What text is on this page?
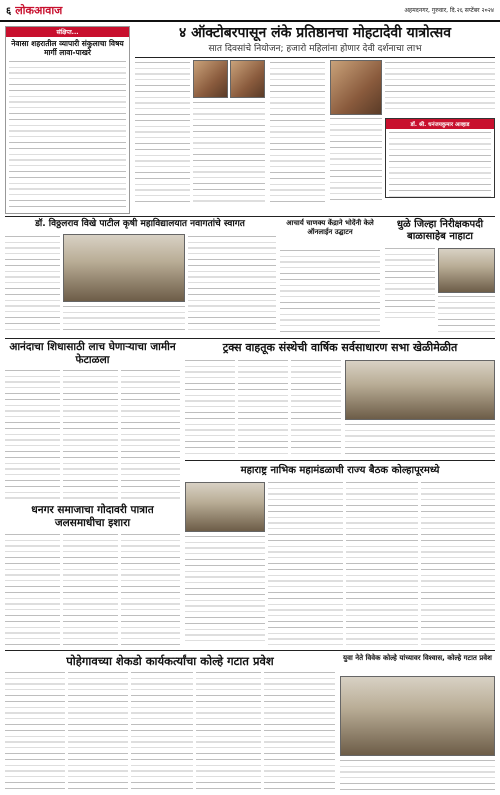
६ लोकआवाज	अहमदनगर, गुरुवार, दि.२६ सप्टेंबर २०२४
संक्षिप्त...
नेवासा शहरातील व्यापारी संकुलाचा विषय मार्गी लावा-पाखरे
४ ऑक्टोबरपासून लंके प्रतिष्ठानचा मोहटादेवी यात्रोत्सव
सात दिवसांचे नियोजन; हजारो महिलांना होणार देवी दर्शनाचा लाभ
डॉ. श्री. धनंजयकुमार आव्हाड
डॉ. विठ्ठलराव विखे पाटील कृषी महाविद्यालयात नवागतांचे स्वागत	आचार्य चाणक्य केंद्राने भोदेंनी केले ऑनलाईन उद्घाटन
धुळे जिल्हा निरीक्षकपदी बाळासाहेब नाहाटा
आनंदाचा शिधासाठी लाच घेणाऱ्याचा जामीन फेटाळला
ट्रक्स वाहतूक संस्थेची वार्षिक सर्वसाधारण सभा खेळीमेळीत
धनगर समाजाचा गोदावरी पात्रात जलसमाधीचा इशारा
महाराष्ट्र नाभिक महामंडळाची राज्य बैठक कोल्हापूरमध्ये
पोहेगावच्या शेकडो कार्यकर्त्यांचा कोल्हे गटात प्रवेश	युवा नेते विवेक कोल्हे यांच्यावर विश्वास, कोल्हे गटात प्रवेश
